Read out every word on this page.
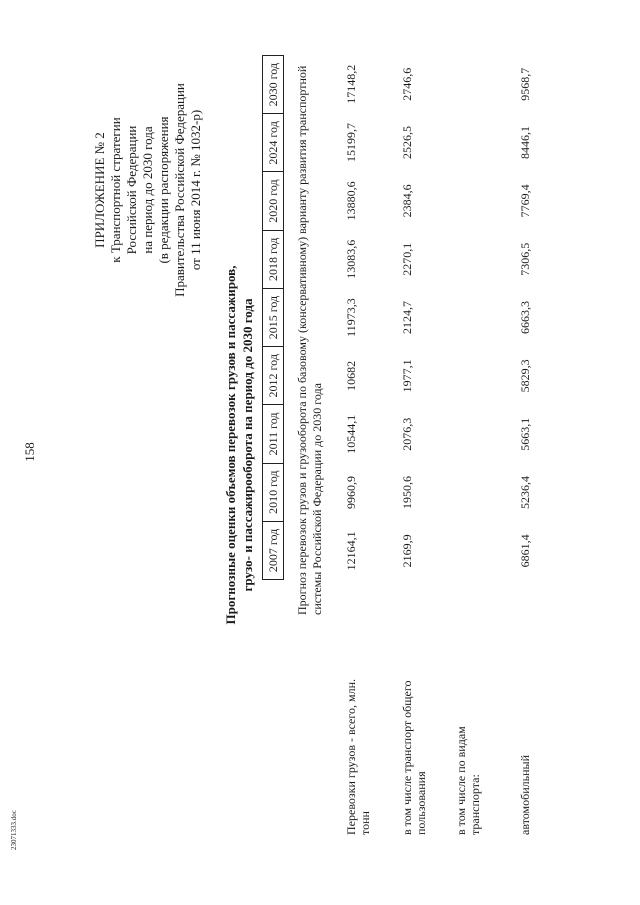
158
23071333.doc
ПРИЛОЖЕНИЕ № 2 к Транспортной стратегии Российской Федерации на период до 2030 года (в редакции распоряжения Правительства Российской Федерации от 11 июня 2014 г. № 1032-р)
Прогнозные оценки объемов перевозок грузов и пассажиров, грузо- и пассажирооборота на период до 2030 года 2007 год
2010 год
2011 год
2012 год
2015 год
2018 год
2020 год
2024 год
2030 год Прогноз перевозок грузов и грузооборота по базовому (консервативному) варианту развития транспортной системы Российской Федерации до 2030 года
Перевозки грузов - всего, млн. тонн
12164,1
9960,9
10544,1
10682
11973,3
13083,6
13880,6
15199,7
17148,2
в том числе транспорт общего пользования
2169,9
1950,6
2076,3
1977,1
2124,7
2270,1
2384,6
2526,5
2746,6
в том числе по видам транспорта:	автомобильный
6861,4
5236,4
5663,1
5829,3
6663,3
7306,5
7769,4
8446,1
9568,7
